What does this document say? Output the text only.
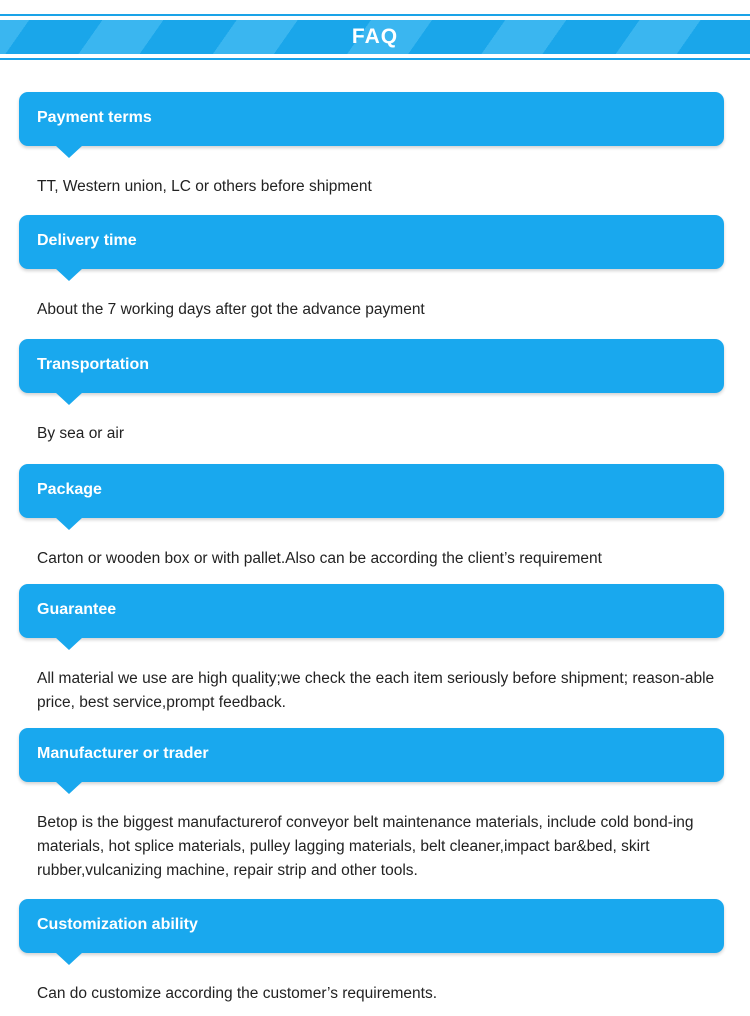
FAQ
Payment terms
TT, Western union, LC or others before shipment
Delivery time
About the 7 working days after got the advance payment
Transportation
By sea or air
Package
Carton or wooden box or with pallet.Also can be according the client’s requirement
Guarantee
All material we use are high quality;we check the each item seriously before shipment; reason-able price, best service,prompt feedback.
Manufacturer or trader
Betop is the biggest manufacturerof conveyor belt maintenance materials, include cold bond-ing materials, hot splice materials, pulley lagging materials, belt cleaner,impact bar&bed, skirt rubber,vulcanizing machine, repair strip and other tools.
Customization ability
Can do customize according the customer’s requirements.
